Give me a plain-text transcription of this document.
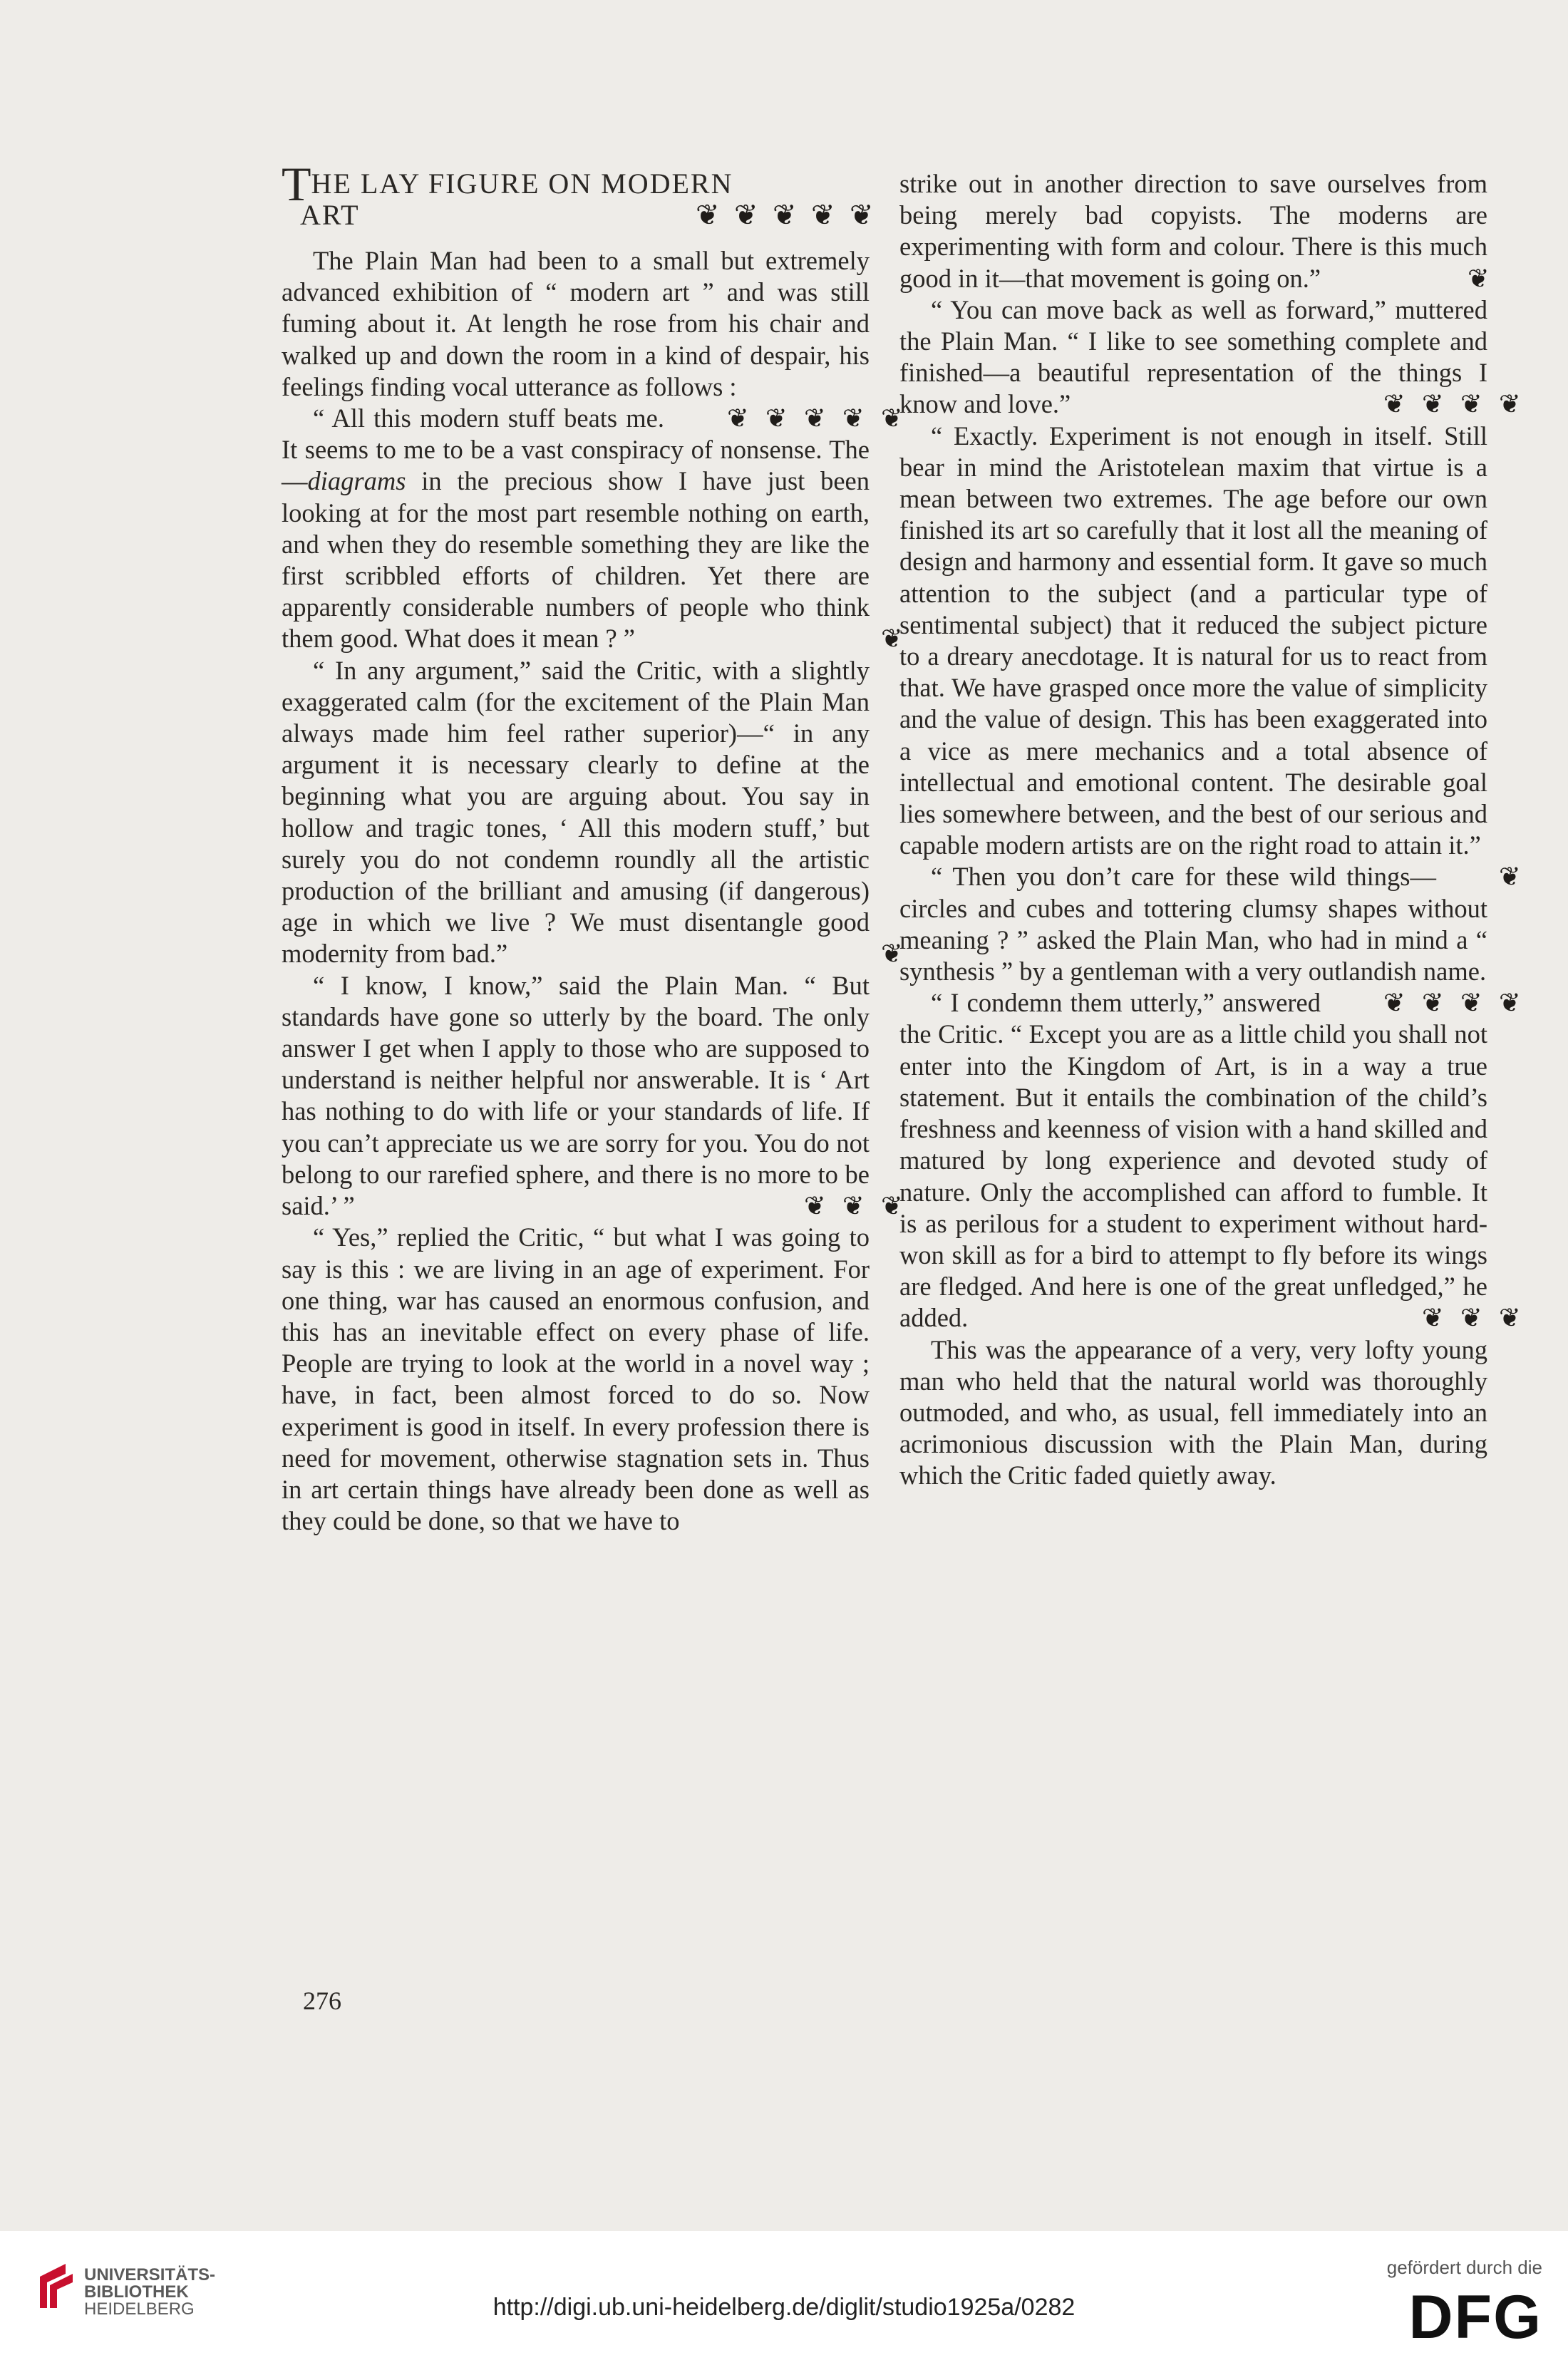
THE LAY FIGURE ON MODERN
ART	❦ ❦ ❦ ❦ ❦

The Plain Man had been to a small but extremely advanced exhibition of “ modern art ” and was still fuming about it. At length he rose from his chair and walked up and down the room in a kind of despair, his feelings finding vocal utterance as follows :
❦ ❦ ❦ ❦ ❦

“ All this modern stuff beats me. It seems to me to be a vast conspiracy of nonsense. The—diagrams in the precious show I have just been looking at for the most part resemble nothing on earth, and when they do resemble something they are like the first scribbled efforts of children. Yet there are apparently considerable numbers of people who think them good. What does it mean ? ”	❦

“ In any argument,” said the Critic, with a slightly exaggerated calm (for the excitement of the Plain Man always made him feel rather superior)—“ in any argument it is necessary clearly to define at the beginning what you are arguing about. You say in hollow and tragic tones, ‘ All this modern stuff,’ but surely you do not condemn roundly all the artistic production of the brilliant and amusing (if dangerous) age in which we live ? We must disentangle good modernity from bad.”	❦

“ I know, I know,” said the Plain Man. “ But standards have gone so utterly by the board. The only answer I get when I apply to those who are supposed to understand is neither helpful nor answerable. It is ‘ Art has nothing to do with life or your standards of life. If you can’t appreciate us we are sorry for you. You do not belong to our rarefied sphere, and there is no more to be said.’ ”	❦ ❦ ❦

“ Yes,” replied the Critic, “ but what I was going to say is this : we are living in an age of experiment. For one thing, war has caused an enormous confusion, and this has an inevitable effect on every phase of life. People are trying to look at the world in a novel way ; have, in fact, been almost forced to do so. Now experiment is good in itself. In every profession there is need for movement, otherwise stagnation sets in. Thus in art certain things have already been done as well as they could be done, so that we have to

strike out in another direction to save ourselves from being merely bad copyists. The moderns are experimenting with form and colour. There is this much good in it—that movement is going on.”	❦

“ You can move back as well as forward,” muttered the Plain Man. “ I like to see something complete and finished—a beautiful representation of the things I know and love.”	❦ ❦ ❦ ❦

“ Exactly. Experiment is not enough in itself. Still bear in mind the Aristotelean maxim that virtue is a mean between two extremes. The age before our own finished its art so carefully that it lost all the meaning of design and harmony and essential form. It gave so much attention to the subject (and a particular type of sentimental subject) that it reduced the subject picture to a dreary anecdotage. It is natural for us to react from that. We have grasped once more the value of simplicity and the value of design. This has been exaggerated into a vice as mere mechanics and a total absence of intellectual and emotional content. The desirable goal lies somewhere between, and the best of our serious and capable modern artists are on the right road to attain it.”
❦

“ Then you don’t care for these wild things—circles and cubes and tottering clumsy shapes without meaning ? ” asked the Plain Man, who had in mind a “ synthesis ” by a gentleman with a very outlandish name.
❦ ❦ ❦ ❦

“ I condemn them utterly,” answered the Critic. “ Except you are as a little child you shall not enter into the Kingdom of Art, is in a way a true statement. But it entails the combination of the child’s freshness and keenness of vision with a hand skilled and matured by long experience and devoted study of nature. Only the accomplished can afford to fumble. It is as perilous for a student to experiment without hard-won skill as for a bird to attempt to fly before its wings are fledged. And here is one of the great unfledged,” he added.	❦ ❦ ❦

This was the appearance of a very, very lofty young man who held that the natural world was thoroughly outmoded, and who, as usual, fell immediately into an acrimonious discussion with the Plain Man, during which the Critic faded quietly away.

276
UNIVERSITÄTS-
BIBLIOTHEK
HEIDELBERG	http://digi.ub.uni-heidelberg.de/diglit/studio1925a/0282
gefördert durch die
DFG
